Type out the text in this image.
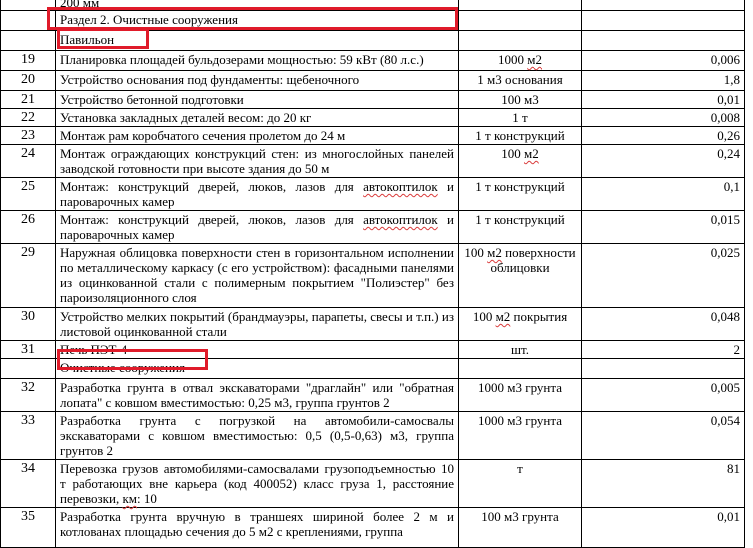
	200 мм		
	Раздел 2. Очистные сооружения		
	Павильон		
19	Планировка площадей бульдозерами мощностью: 59 кВт (80 л.с.)	1000 м2	0,006
20	Устройство основания под фундаменты: щебеночного	1 м3 основания	1,8
21	Устройство бетонной подготовки	100 м3	0,01
22	Установка закладных деталей весом: до 20 кг	1 т	0,008
23	Монтаж рам коробчатого сечения пролетом до 24 м	1 т конструкций	0,26
24	Монтаж ограждающих конструкций стен: из многослойных панелей заводской готовности при высоте здания до 50 м	100 м2	0,24
25	Монтаж: конструкций дверей, люков, лазов для автокоптилок и пароварочных камер	1 т конструкций	0,1
26	Монтаж: конструкций дверей, люков, лазов для автокоптилок и пароварочных камер	1 т конструкций	0,015
29	Наружная облицовка поверхности стен в горизонтальном исполнении по металлическому каркасу (с его устройством): фасадными панелями из оцинкованной стали с полимерным покрытием "Полиэстер" без пароизоляционного слоя	100 м2 поверхности облицовки	0,025
30	Устройство мелких покрытий (брандмауэры, парапеты, свесы и т.п.) из листовой оцинкованной стали	100 м2 покрытия	0,048
31	Печь ПЭТ-4	шт.	2
	Очистные сооружения		
32	Разработка грунта в отвал экскаваторами "драглайн" или "обратная лопата" с ковшом вместимостью: 0,25 м3, группа грунтов 2	1000 м3 грунта	0,005
33	Разработка грунта с погрузкой на автомобили-самосвалы экскаваторами с ковшом вместимостью: 0,5 (0,5-0,63) м3, группа грунтов 2	1000 м3 грунта	0,054
34	Перевозка грузов автомобилями-самосвалами грузоподъемностью 10 т работающих вне карьера (код 400052) класс груза 1, расстояние перевозки, км: 10	т	81
35	Разработка грунта вручную в траншеях шириной более 2 м и котлованах площадью сечения до 5 м2 с креплениями, группа	100 м3 грунта	0,01
